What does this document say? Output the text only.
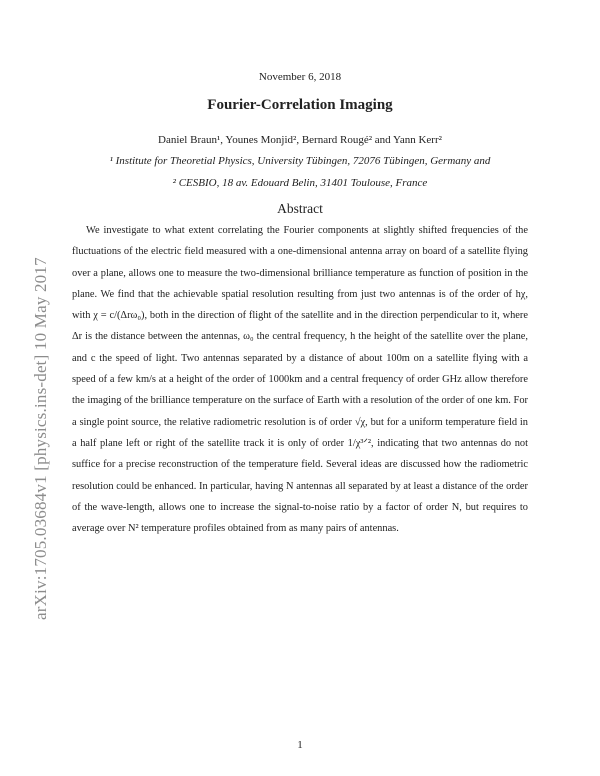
arXiv:1705.03684v1 [physics.ins-det] 10 May 2017
November 6, 2018
Fourier-Correlation Imaging
Daniel Braun¹, Younes Monjid², Bernard Rougé² and Yann Kerr²
¹ Institute for Theoretial Physics, University Tübingen, 72076 Tübingen, Germany and
² CESBIO, 18 av. Edouard Belin, 31401 Toulouse, France
Abstract

We investigate to what extent correlating the Fourier components at slightly shifted frequencies of the fluctuations of the electric field measured with a one-dimensional antenna array on board of a satellite flying over a plane, allows one to measure the two-dimensional brilliance temperature as function of position in the plane. We find that the achievable spatial resolution resulting from just two antennas is of the order of hχ, with χ = c/(Δrω₀), both in the direction of flight of the satellite and in the direction perpendicular to it, where Δr is the distance between the antennas, ω₀ the central frequency, h the height of the satellite over the plane, and c the speed of light. Two antennas separated by a distance of about 100m on a satellite flying with a speed of a few km/s at a height of the order of 1000km and a central frequency of order GHz allow therefore the imaging of the brilliance temperature on the surface of Earth with a resolution of the order of one km. For a single point source, the relative radiometric resolution is of order √χ, but for a uniform temperature field in a half plane left or right of the satellite track it is only of order 1/χ³ᐟ², indicating that two antennas do not suffice for a precise reconstruction of the temperature field. Several ideas are discussed how the radiometric resolution could be enhanced. In particular, having N antennas all separated by at least a distance of the order of the wave-length, allows one to increase the signal-to-noise ratio by a factor of order N, but requires to average over N² temperature profiles obtained from as many pairs of antennas.

1
